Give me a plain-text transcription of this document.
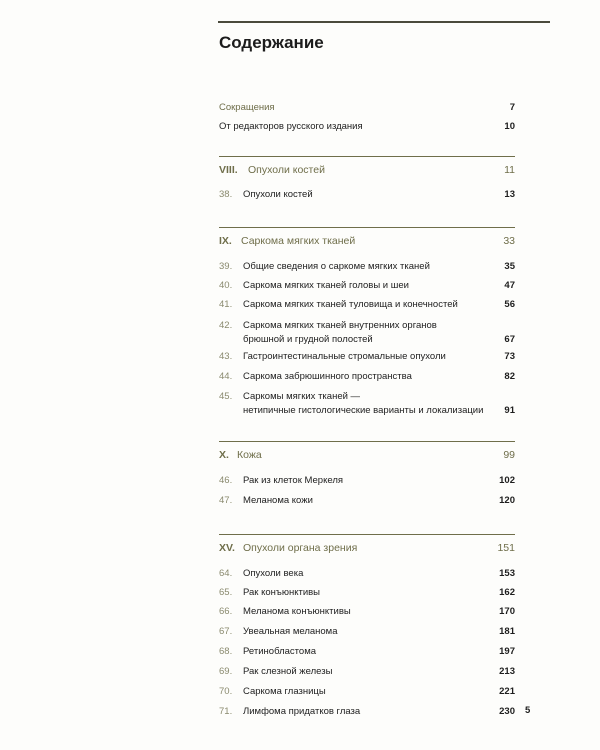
Содержание
Сокращения	7
От редакторов русского издания	10
VIII. Опухоли костей	11
38.	Опухоли костей	13
IX. Саркома мягких тканей	33
39.	Общие сведения о саркоме мягких тканей	35
40.	Саркома мягких тканей головы и шеи	47
41.	Саркома мягких тканей туловища и конечностей	56
42.	Саркома мягких тканей внутренних органов
брюшной и грудной полостей	67
43.	Гастроинтестинальные стромальные опухоли	73
44.	Саркома забрюшинного пространства	82
45.	Саркомы мягких тканей —
нетипичные гистологические варианты и локализации 91
X. Кожа	99
46.	Рак из клеток Меркеля	102
47.	Меланома кожи	120
XV. Опухоли органа зрения	151
64.	Опухоли века	153
65.	Рак конъюнктивы	162
66.	Меланома конъюнктивы	170
67.	Увеальная меланома	181
68.	Ретинобластома	197
69.	Рак слезной железы	213
70.	Саркома глазницы	221
71.	Лимфома придатков глаза	230 5
